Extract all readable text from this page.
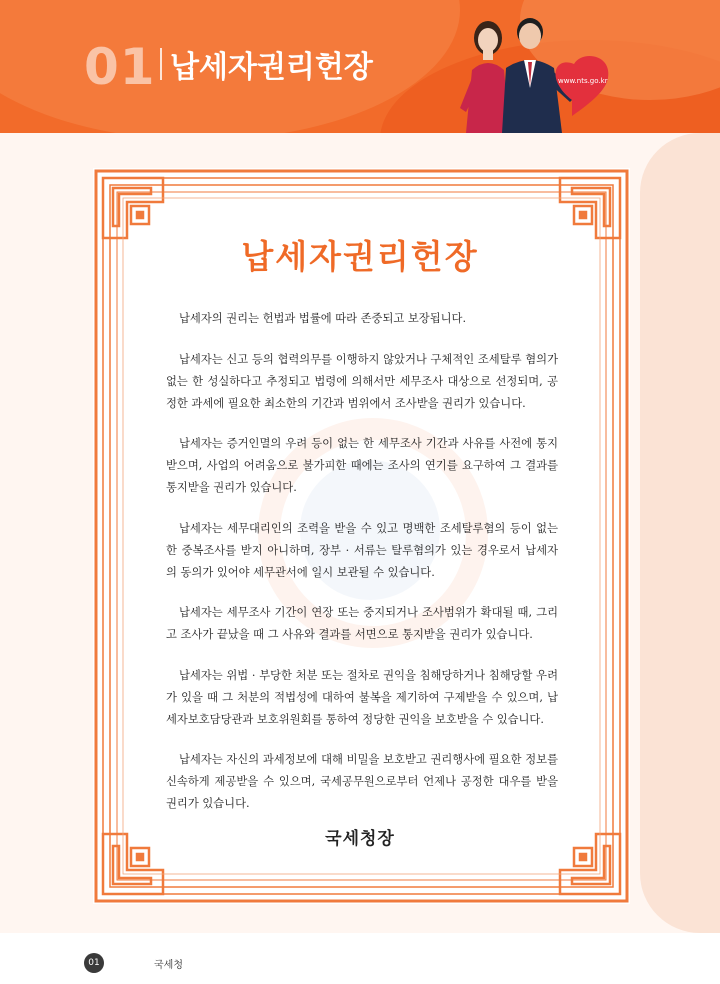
01 납세자권리헌장	www.nts.go.kr
납세자권리헌장

납세자의 권리는 헌법과 법률에 따라 존중되고 보장됩니다.

납세자는 신고 등의 협력의무를 이행하지 않았거나 구체적인 조세탈루 혐의가 없는 한 성실하다고 추정되고 법령에 의해서만 세무조사 대상으로 선정되며, 공정한 과세에 필요한 최소한의 기간과 범위에서 조사받을 권리가 있습니다.

납세자는 증거인멸의 우려 등이 없는 한 세무조사 기간과 사유를 사전에 통지받으며, 사업의 어려움으로 불가피한 때에는 조사의 연기를 요구하여 그 결과를 통지받을 권리가 있습니다.

납세자는 세무대리인의 조력을 받을 수 있고 명백한 조세탈루혐의 등이 없는 한 중복조사를 받지 아니하며, 장부 · 서류는 탈루혐의가 있는 경우로서 납세자의 동의가 있어야 세무관서에 일시 보관될 수 있습니다.

납세자는 세무조사 기간이 연장 또는 중지되거나 조사범위가 확대될 때, 그리고 조사가 끝났을 때 그 사유와 결과를 서면으로 통지받을 권리가 있습니다.

납세자는 위법 · 부당한 처분 또는 절차로 권익을 침해당하거나 침해당할 우려가 있을 때 그 처분의 적법성에 대하여 불복을 제기하여 구제받을 수 있으며, 납세자보호담당관과 보호위원회를 통하여 정당한 권익을 보호받을 수 있습니다.

납세자는 자신의 과세정보에 대해 비밀을 보호받고 권리행사에 필요한 정보를 신속하게 제공받을 수 있으며, 국세공무원으로부터 언제나 공정한 대우를 받을 권리가 있습니다.

국세청장
01	국세청
